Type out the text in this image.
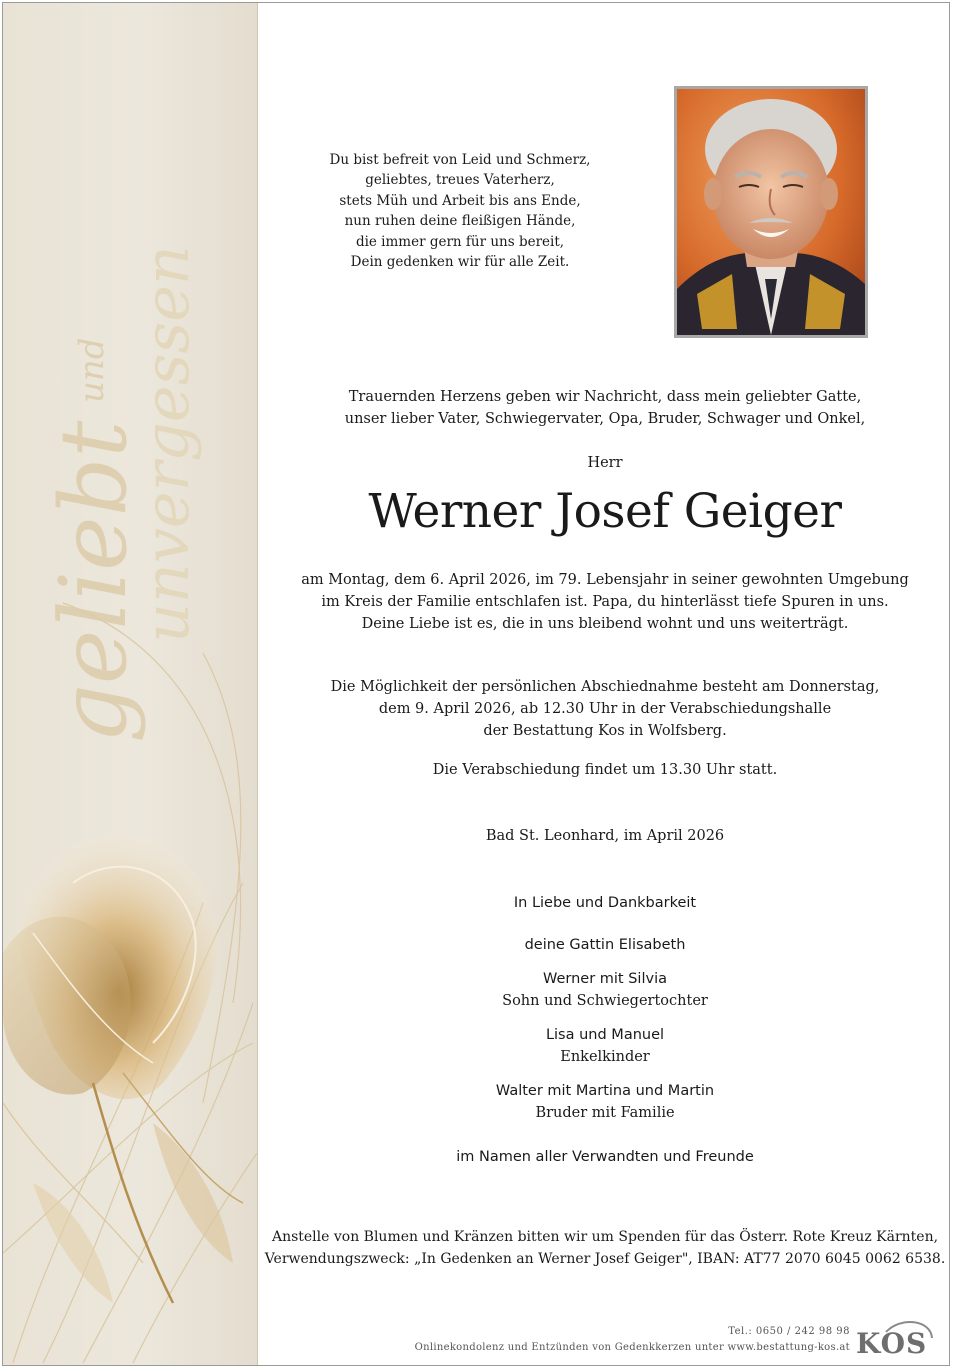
geliebt
und unvergessen
Du bist befreit von Leid und Schmerz,
geliebtes, treues Vaterherz,
stets Müh und Arbeit bis ans Ende,
nun ruhen deine fleißigen Hände,
die immer gern für uns bereit,
Dein gedenken wir für alle Zeit.
Trauernden Herzens geben wir Nachricht, dass mein geliebter Gatte,
unser lieber Vater, Schwiegervater, Opa, Bruder, Schwager und Onkel,
Herr
Werner Josef Geiger
am Montag, dem 6. April 2026, im 79. Lebensjahr in seiner gewohnten Umgebung
im Kreis der Familie entschlafen ist. Papa, du hinterlässt tiefe Spuren in uns.
Deine Liebe ist es, die in uns bleibend wohnt und uns weiterträgt.
Die Möglichkeit der persönlichen Abschiednahme besteht am Donnerstag,
dem 9. April 2026, ab 12.30 Uhr in der Verabschiedungshalle
der Bestattung Kos in Wolfsberg.
Die Verabschiedung findet um 13.30 Uhr statt.
Bad St. Leonhard, im April 2026
In Liebe und Dankbarkeit
deine Gattin Elisabeth
Werner mit Silvia
Sohn und Schwiegertochter
Lisa und Manuel
Enkelkinder
Walter mit Martina und Martin
Bruder mit Familie
im Namen aller Verwandten und Freunde
Anstelle von Blumen und Kränzen bitten wir um Spenden für das Österr. Rote Kreuz Kärnten,
Verwendungszweck: „In Gedenken an Werner Josef Geiger", IBAN: AT77 2070 6045 0062 6538.
Tel.: 0650 / 242 98 98
Onlinekondolenz und Entzünden von Gedenkkerzen unter www.bestattung-kos.at KOS
